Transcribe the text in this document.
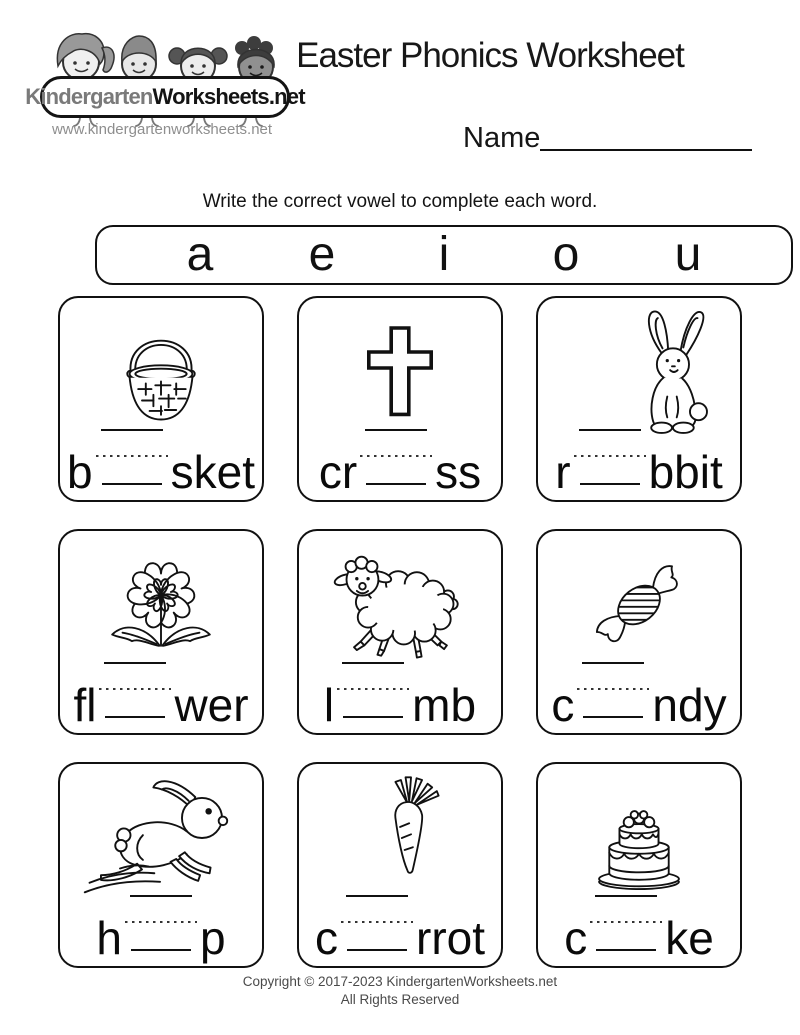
Kindergarten Worksheets.net
www.kindergartenworksheets.net
Easter Phonics Worksheet
Name
Write the correct vowel to complete each word.
a	e	i	o	u
b sket cr ss r bbit
fl wer l mb c ndy
h p c rrot c ke
Copyright © 2017-2023 KindergartenWorksheets.net
All Rights Reserved
